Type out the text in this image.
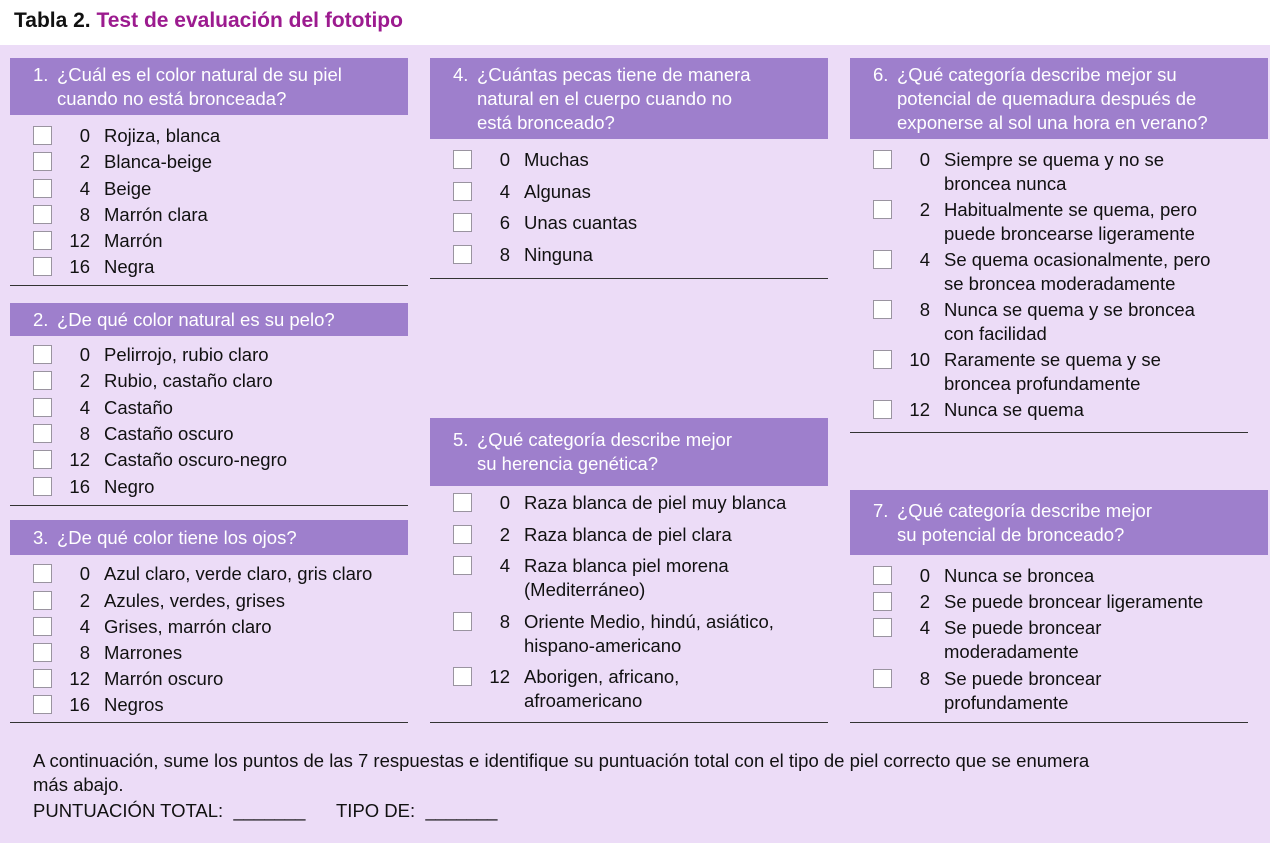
Tabla 2. Test de evaluación del fototipo
1. ¿Cuál es el color natural de su piel
cuando no está bronceada?
0 Rojiza, blanca
2 Blanca-beige
4 Beige
8 Marrón clara
12 Marrón
16 Negra
2. ¿De qué color natural es su pelo?
0 Pelirrojo, rubio claro
2 Rubio, castaño claro
4 Castaño
8 Castaño oscuro
12 Castaño oscuro-negro
16 Negro
3. ¿De qué color tiene los ojos?
0 Azul claro, verde claro, gris claro
2 Azules, verdes, grises
4 Grises, marrón claro
8 Marrones
12 Marrón oscuro
16 Negros
4. ¿Cuántas pecas tiene de manera
natural en el cuerpo cuando no
está bronceado?
0 Muchas
4 Algunas
6 Unas cuantas
8 Ninguna
5. ¿Qué categoría describe mejor
su herencia genética?
0 Raza blanca de piel muy blanca
2 Raza blanca de piel clara
4 Raza blanca piel morena
(Mediterráneo)
8 Oriente Medio, hindú, asiático,
hispano-americano
12 Aborigen, africano,
afroamericano
6. ¿Qué categoría describe mejor su
potencial de quemadura después de
exponerse al sol una hora en verano?
0 Siempre se quema y no se
broncea nunca
2 Habitualmente se quema, pero
puede broncearse ligeramente
4 Se quema ocasionalmente, pero
se broncea moderadamente
8 Nunca se quema y se broncea
con facilidad
10 Raramente se quema y se
broncea profundamente
12 Nunca se quema
7. ¿Qué categoría describe mejor
su potencial de bronceado?
0 Nunca se broncea
2 Se puede broncear ligeramente
4 Se puede broncear
moderadamente
8 Se puede broncear
profundamente
A continuación, sume los puntos de las 7 respuestas e identifique su puntuación total con el tipo de piel correcto que se enumera
más abajo.
PUNTUACIÓN TOTAL: _______ TIPO DE: _______
